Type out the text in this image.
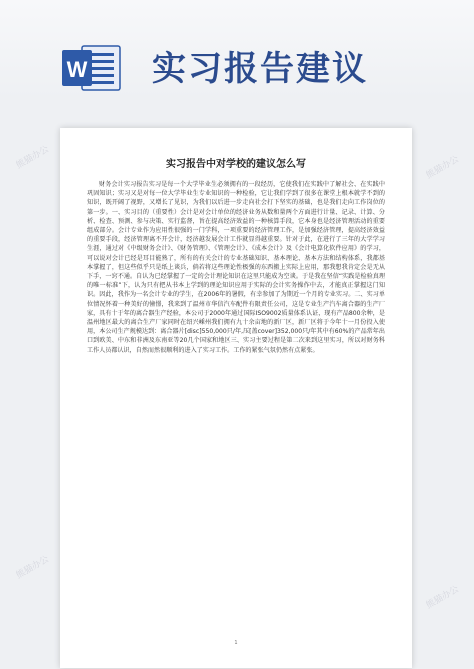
W 实习报告建议
实习报告中对学校的建议怎么写

财务会计实习报告实习是每一个大学毕业生必须拥有的一段经历，它使我们在实践中了解社会、在实践中巩固知识；实习又是对每一位大学毕业生专业知识的一种检验，它让我们学到了很多在课堂上根本就学不到的知识，既开阔了视野，又增长了见识，为我们以后进一步走向社会打下坚实的基础，也是我们走向工作岗位的第一步。一、实习目的（重要性）会计是对会计单位的经济业务从数和量两个方面进行计量、记录、计算、分析、检查、预测、参与决策、实行监督，旨在提高经济效益的一种核算手段，它本身也是经济管理活动的重要组成部分。会计专业作为应用性很强的一门学科，一项重要的经济管理工作，是加强经济管理，提高经济效益的重要手段，经济管理离不开会计，经济越发展会计工作就显得越重要。针对于此，在进行了三年的大学学习生涯，通过对《中级财务会计》、《财务管理》、《管理会计》、《成本会计》及《会计电算化软件应用》的学习，可以说对会计已经是耳目能熟了，所有的有关会计的专业基础知识、基本理论、基本方法和结构体系，我都基本掌握了，但这些似乎只是纸上谈兵，倘若将这些理论性极强的东西搬上实际上应用，那我想我肯定会是无从下手，一窍不通。自认为已经掌握了一定的会计理论知识在这里只能成为空谈。于是我在坚信“实践是检验真理的唯一标准”下，认为只有把从书本上学到的理论知识应用于实际的会计实务操作中去，才能真正掌握这门知识。因此，我作为一名会计专业的学生，在2006年的暑假，有幸参加了为期近一个月的专业实习。二、实习单位情况怀着一种美好的憧憬，我来到了温州市华信汽车配件有限责任公司，这是专业生产汽车离合器的生产厂家，具有十于年的离合器生产经验，本公司于2000年通过国际ISO9002质量体系认证，现有产品800余种，是温州地区最大的离合生产厂家同时在绍兴嵊州我们拥有九十余亩地的新厂区，新厂区将于今年十一月份投入使用，本公司生产规模达到：离合器片[disc]550,000只/年,压[盖cover]352,000只/年其中有60%的产品常年出口到欧美、中东和非洲及东南亚等20几个国家和地区三、实习主要过程是第二次来到这里实习，所以对财务科工作人员都认识，自然而然很顺利的进入了实习工作。工作的紧张气氛仍然有点紧张。

1
熊猫办公
熊猫办公
熊猫办公
熊猫办公
